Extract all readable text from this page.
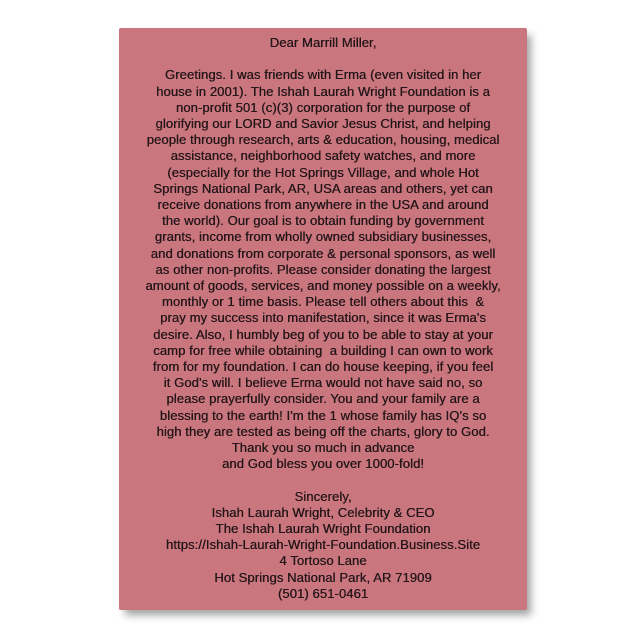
Dear Marrill Miller,
Greetings. I was friends with Erma (even visited in her
house in 2001). The Ishah Laurah Wright Foundation is a
non-profit 501 (c)(3) corporation for the purpose of
glorifying our LORD and Savior Jesus Christ, and helping
people through research, arts & education, housing, medical
assistance, neighborhood safety watches, and more
(especially for the Hot Springs Village, and whole Hot
Springs National Park, AR, USA areas and others, yet can
receive donations from anywhere in the USA and around
the world). Our goal is to obtain funding by government
grants, income from wholly owned subsidiary businesses,
and donations from corporate & personal sponsors, as well
as other non-profits. Please consider donating the largest
amount of goods, services, and money possible on a weekly,
monthly or 1 time basis. Please tell others about this  &
pray my success into manifestation, since it was Erma's
desire. Also, I humbly beg of you to be able to stay at your
camp for free while obtaining  a building I can own to work
from for my foundation. I can do house keeping, if you feel
it God's will. I believe Erma would not have said no, so
please prayerfully consider. You and your family are a
blessing to the earth! I'm the 1 whose family has IQ's so
high they are tested as being off the charts, glory to God.
Thank you so much in advance
and God bless you over 1000-fold!
Sincerely,
Ishah Laurah Wright, Celebrity & CEO
The Ishah Laurah Wright Foundation
https://Ishah-Laurah-Wright-Foundation.Business.Site
4 Tortoso Lane
Hot Springs National Park, AR 71909
(501) 651-0461
